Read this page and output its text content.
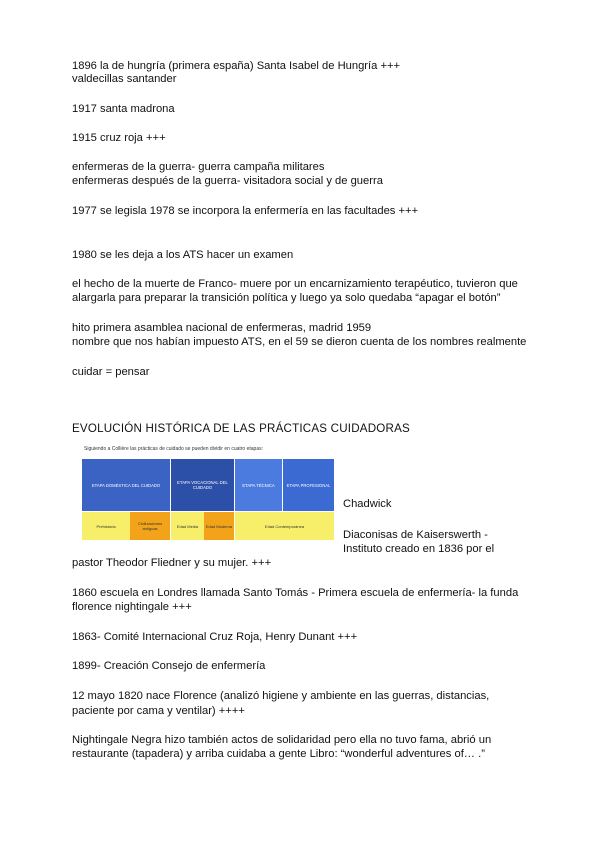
1896 la de hungría (primera españa) Santa Isabel de Hungría +++
valdecillas santander
1917 santa madrona
1915 cruz roja +++
enfermeras de la guerra- guerra campaña militares
enfermeras después de la guerra- visitadora social y de guerra
1977 se legisla 1978 se incorpora la enfermería en las facultades +++
1980 se les deja a los ATS hacer un examen
el hecho de la muerte de Franco- muere por un encarnizamiento terapéutico, tuvieron que
alargarla para preparar la transición política y luego ya solo quedaba “apagar el botón”
hito primera asamblea nacional de enfermeras, madrid 1959
nombre que nos habían impuesto ATS, en el 59 se dieron cuenta de los nombres realmente
cuidar = pensar
EVOLUCIÓN HISTÓRICA DE LAS PRÁCTICAS CUIDADORAS
Siguiendo a Collière las prácticas de cuidado se pueden dividir en cuatro etapas:
ETAPA DOMÉSTICA DEL CUIDADO	ETAPA VOCACIONAL DEL CUIDADO	ETAPA TÉCNICA	ETAPA PROFESIONAL
Prehistoria	Civilizaciones antiguas	Edad Media	Edad Moderna	Edad Contemporánea
Chadwick
Diaconisas de Kaiserswerth -
Instituto creado en 1836 por el
pastor Theodor Fliedner y su mujer. +++
1860 escuela en Londres llamada Santo Tomás - Primera escuela de enfermería- la funda
florence nightingale +++
1863- Comité Internacional Cruz Roja, Henry Dunant +++
1899- Creación Consejo de enfermería
12 mayo 1820 nace Florence (analizó higiene y ambiente en las guerras, distancias,
paciente por cama y ventilar) ++++
Nightingale Negra hizo también actos de solidaridad pero ella no tuvo fama, abrió un
restaurante (tapadera) y arriba cuidaba a gente Libro: “wonderful adventures of… .”
